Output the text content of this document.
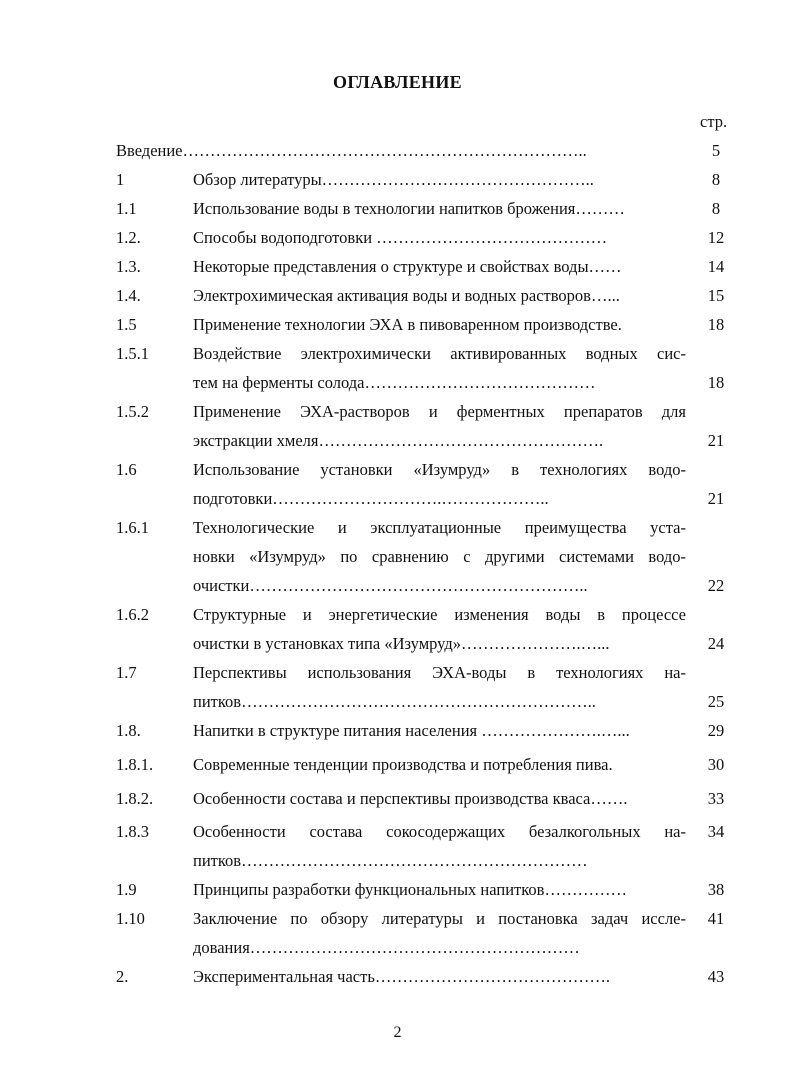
ОГЛАВЛЕНИЕ
стр.
Введение………………………………………………………………..	5
1	Обзор литературы…………………………………………..	8
1.1	Использование воды в технологии напитков брожения………	8
1.2.	Способы водоподготовки ……………………………………	12
1.3.	Некоторые представления о структуре и свойствах воды……	14
1.4.	Электрохимическая активация воды и водных растворов…...	15
1.5	Применение технологии ЭХА в пивоваренном производстве.	18
1.5.1	Воздействие электрохимически активированных водных сис-
тем на ферменты солода……………………………………	18
1.5.2	Применение ЭХА-растворов и ферментных препаратов для
экстракции хмеля…………………………………………….	21
1.6	Использование установки «Изумруд» в технологиях водо-
подготовки………………………….………………..	21
1.6.1	Технологические и эксплуатационные преимущества уста-
новки «Изумруд» по сравнению с другими системами водо-
очистки……………………………………………………..	22
1.6.2	Структурные и энергетические изменения воды в процессе
очистки в установках типа «Изумруд»………………….…...	24
1.7	Перспективы использования ЭХА-воды в технологиях на-
питков………………………………………………………..	25
1.8.	Напитки в структуре питания населения ………………….…...	29
1.8.1. Современные тенденции производства и потребления пива.	30
1.8.2. Особенности состава и перспективы производства кваса…….	33
1.8.3	Особенности состава сокосодержащих безалкогольных на-	34
питков………………………………………………………
1.9	Принципы разработки функциональных напитков……………	38
1.10	Заключение по обзору литературы и постановка задач иссле-	41
дования……………………………………………………
2.	Экспериментальная часть…………………………………….	43
2
